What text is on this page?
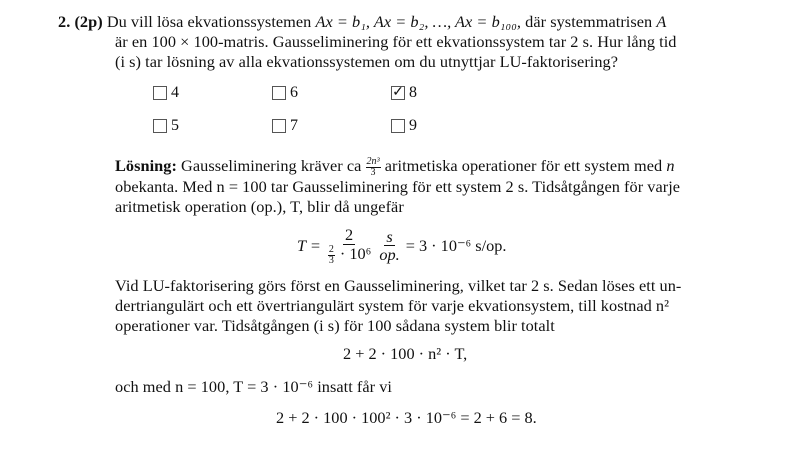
2. (2p) Du vill lösa ekvationssystemen Ax = b₁, Ax = b₂, …, Ax = b₁₀₀, där systemmatrisen A
är en 100 × 100-matris. Gausseliminering för ett ekvationssystem tar 2 s. Hur lång tid
(i s) tar lösning av alla ekvationssystemen om du utnyttjar LU-faktorisering?
4	6	✓ 8
5	7	9
Lösning: Gausseliminering kräver ca $\frac{\text{2n³}}{3}$ aritmetiska operationer för ett system med n
obekanta. Med n = 100 tar Gausseliminering för ett system 2 s. Tidsåtgången för varje
aritmetisk operation (op.), T, blir då ungefär
$T = \frac{2}{\frac{2}{3} \cdot 10^6} \frac{s}{op.} = 3 \cdot 10^{-6}$ s/op.
Vid LU-faktorisering görs först en Gausseliminering, vilket tar 2 s. Sedan löses ett un-
dertriangulärt och ett övertriangulärt system för varje ekvationsystem, till kostnad n²
operationer var. Tidsåtgången (i s) för 100 sådana system blir totalt
2 + 2 · 100 · n² · T,
och med n = 100, T = 3 · 10⁻⁶ insatt får vi
2 + 2 · 100 · 100² · 3 · 10⁻⁶ = 2 + 6 = 8.
